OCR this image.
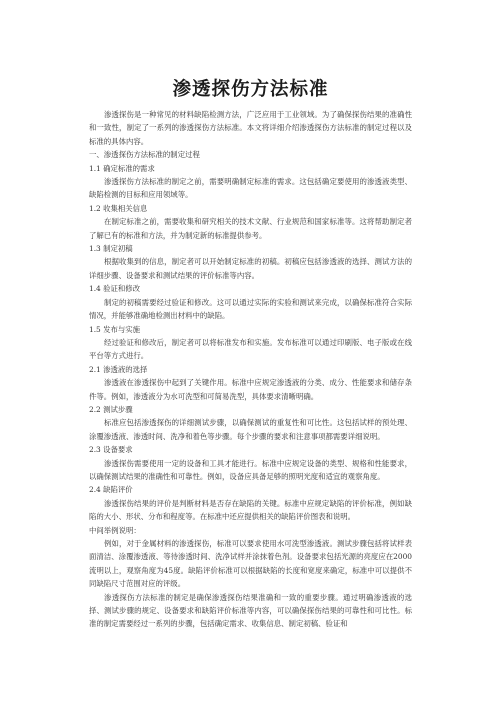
渗透探伤方法标准

渗透探伤是一种常见的材料缺陷检测方法，广泛应用于工业领域。为了确保探伤结果的准确性和一致性，制定了一系列的渗透探伤方法标准。本文将详细介绍渗透探伤方法标准的制定过程以及标准的具体内容。

一、渗透探伤方法标准的制定过程

1.1 确定标准的需求

渗透探伤方法标准的制定之前，需要明确制定标准的需求。这包括确定要使用的渗透液类型、缺陷检测的目标和应用领域等。

1.2 收集相关信息

在制定标准之前，需要收集和研究相关的技术文献、行业规范和国家标准等。这将帮助制定者了解已有的标准和方法，并为制定新的标准提供参考。

1.3 制定初稿

根据收集到的信息，制定者可以开始制定标准的初稿。初稿应包括渗透液的选择、测试方法的详细步骤、设备要求和测试结果的评价标准等内容。

1.4 验证和修改

制定的初稿需要经过验证和修改。这可以通过实际的实验和测试来完成，以确保标准符合实际情况，并能够准确地检测出材料中的缺陷。

1.5 发布与实施

经过验证和修改后，制定者可以将标准发布和实施。发布标准可以通过印刷版、电子版或在线平台等方式进行。

2.1 渗透液的选择

渗透液在渗透探伤中起到了关键作用。标准中应规定渗透液的分类、成分、性能要求和储存条件等。例如，渗透液分为水可洗型和可简易洗型，具体要求清晰明确。

2.2 测试步骤

标准应包括渗透探伤的详细测试步骤，以确保测试的重复性和可比性。这包括试样的预处理、涂覆渗透液、渗透时间、洗净和着色等步骤。每个步骤的要求和注意事项都需要详细说明。

2.3 设备要求

渗透探伤需要使用一定的设备和工具才能进行。标准中应规定设备的类型、规格和性能要求，以确保测试结果的准确性和可靠性。例如，设备应具备足够的照明光度和适宜的观察角度。

2.4 缺陷评价

渗透探伤结果的评价是判断材料是否存在缺陷的关键。标准中应规定缺陷的评价标准，例如缺陷的大小、形状、分布和程度等。在标准中还应提供相关的缺陷评价图表和说明。

中间举例说明：

例如，对于金属材料的渗透探伤，标准可以要求使用水可洗型渗透液。测试步骤包括将试样表面清洁、涂覆渗透液、等待渗透时间、洗净试样并涂抹着色剂。设备要求包括光源的亮度应在2000流明以上，观察角度为45度。缺陷评价标准可以根据缺陷的长度和宽度来确定，标准中可以提供不同缺陷尺寸范围对应的评级。

渗透探伤方法标准的制定是确保渗透探伤结果准确和一致的重要步骤。通过明确渗透液的选择、测试步骤的规定、设备要求和缺陷评价标准等内容，可以确保探伤结果的可靠性和可比性。标准的制定需要经过一系列的步骤，包括确定需求、收集信息、制定初稿、验证和
